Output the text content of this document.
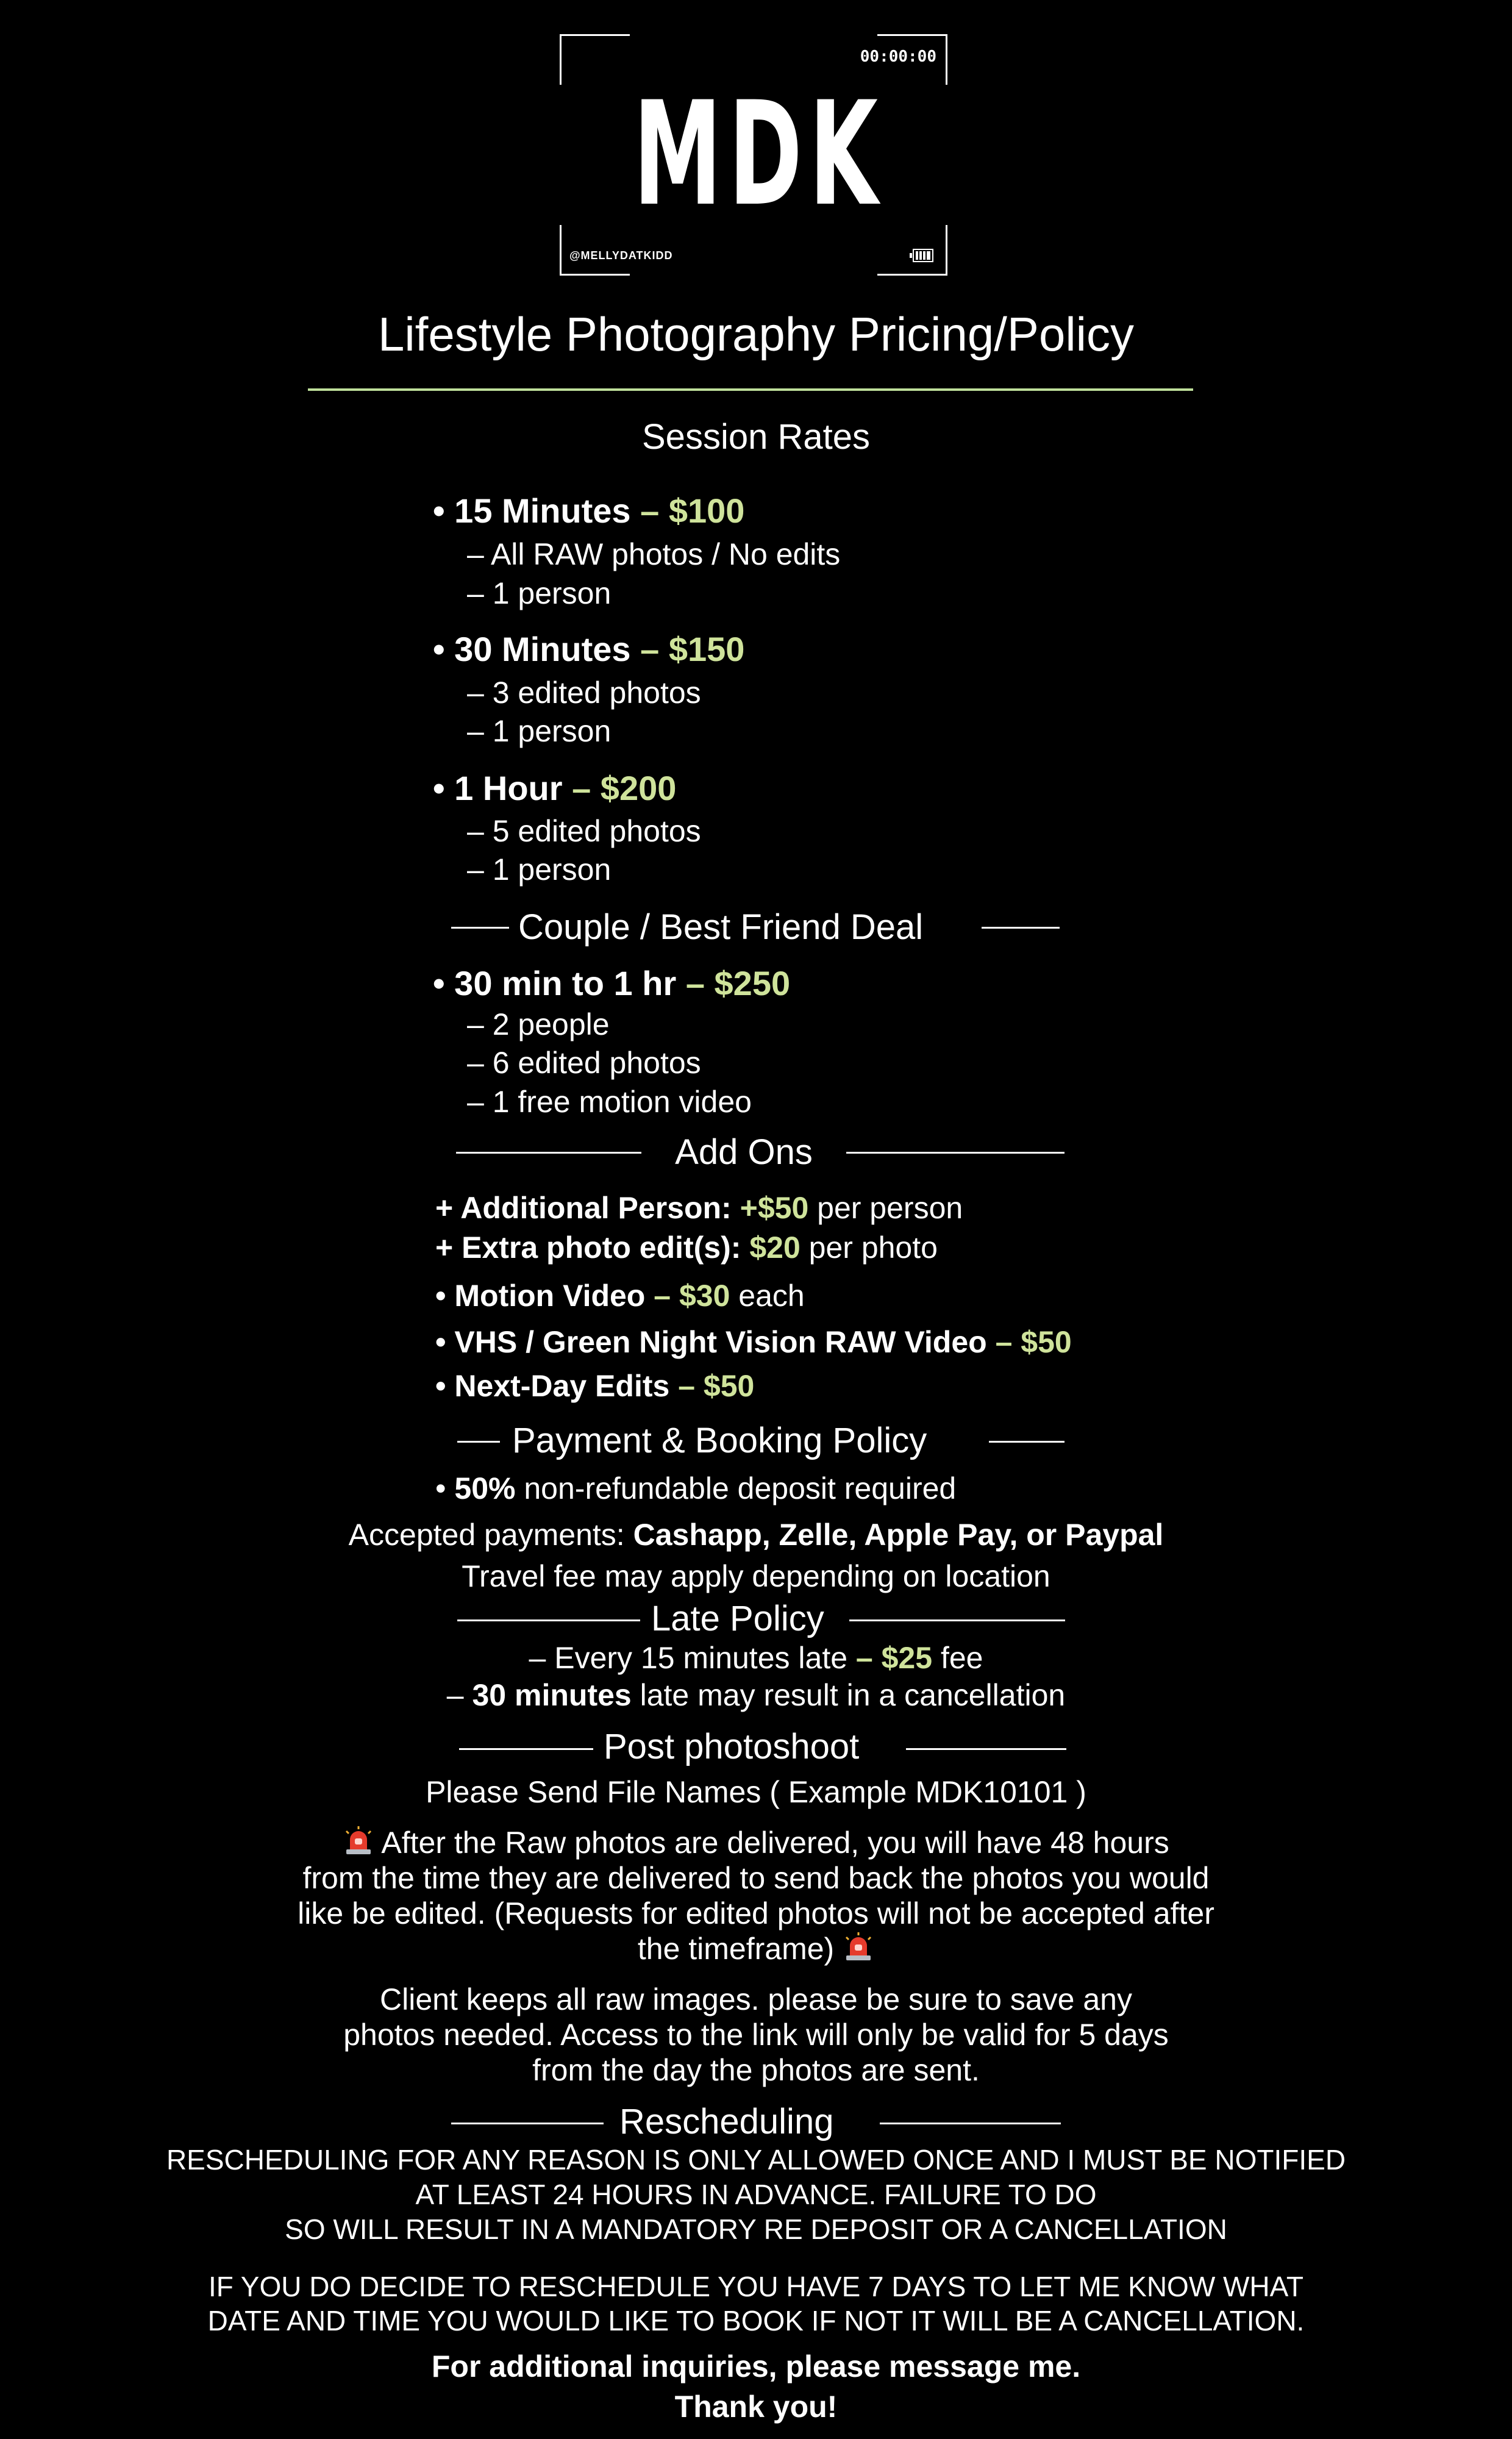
00:00:00
MDK
@MELLYDATKIDD
Lifestyle Photography Pricing/Policy
Session Rates
• 15 Minutes – $100
– All RAW photos / No edits
– 1 person
• 30 Minutes – $150
– 3 edited photos
– 1 person
• 1 Hour – $200
– 5 edited photos
– 1 person
Couple / Best Friend Deal
• 30 min to 1 hr – $250
– 2 people
– 6 edited photos
– 1 free motion video
Add Ons
+ Additional Person: +$50 per person
+ Extra photo edit(s): $20 per photo
• Motion Video – $30 each
• VHS / Green Night Vision RAW Video – $50
• Next-Day Edits – $50
Payment & Booking Policy
• 50% non-refundable deposit required
Accepted payments: Cashapp, Zelle, Apple Pay, or Paypal
Travel fee may apply depending on location
Late Policy
– Every 15 minutes late – $25 fee
– 30 minutes late may result in a cancellation
Post photoshoot
Please Send File Names ( Example MDK10101 )
After the Raw photos are delivered, you will have 48 hours
from the time they are delivered to send back the photos you would
like be edited. (Requests for edited photos will not be accepted after
the timeframe)
Client keeps all raw images. please be sure to save any
photos needed. Access to the link will only be valid for 5 days
from the day the photos are sent.
Rescheduling
RESCHEDULING FOR ANY REASON IS ONLY ALLOWED ONCE AND I MUST BE NOTIFIED
AT LEAST 24 HOURS IN ADVANCE. FAILURE TO DO
SO WILL RESULT IN A MANDATORY RE DEPOSIT OR A CANCELLATION
IF YOU DO DECIDE TO RESCHEDULE YOU HAVE 7 DAYS TO LET ME KNOW WHAT
DATE AND TIME YOU WOULD LIKE TO BOOK IF NOT IT WILL BE A CANCELLATION.
For additional inquiries, please message me.
Thank you!
